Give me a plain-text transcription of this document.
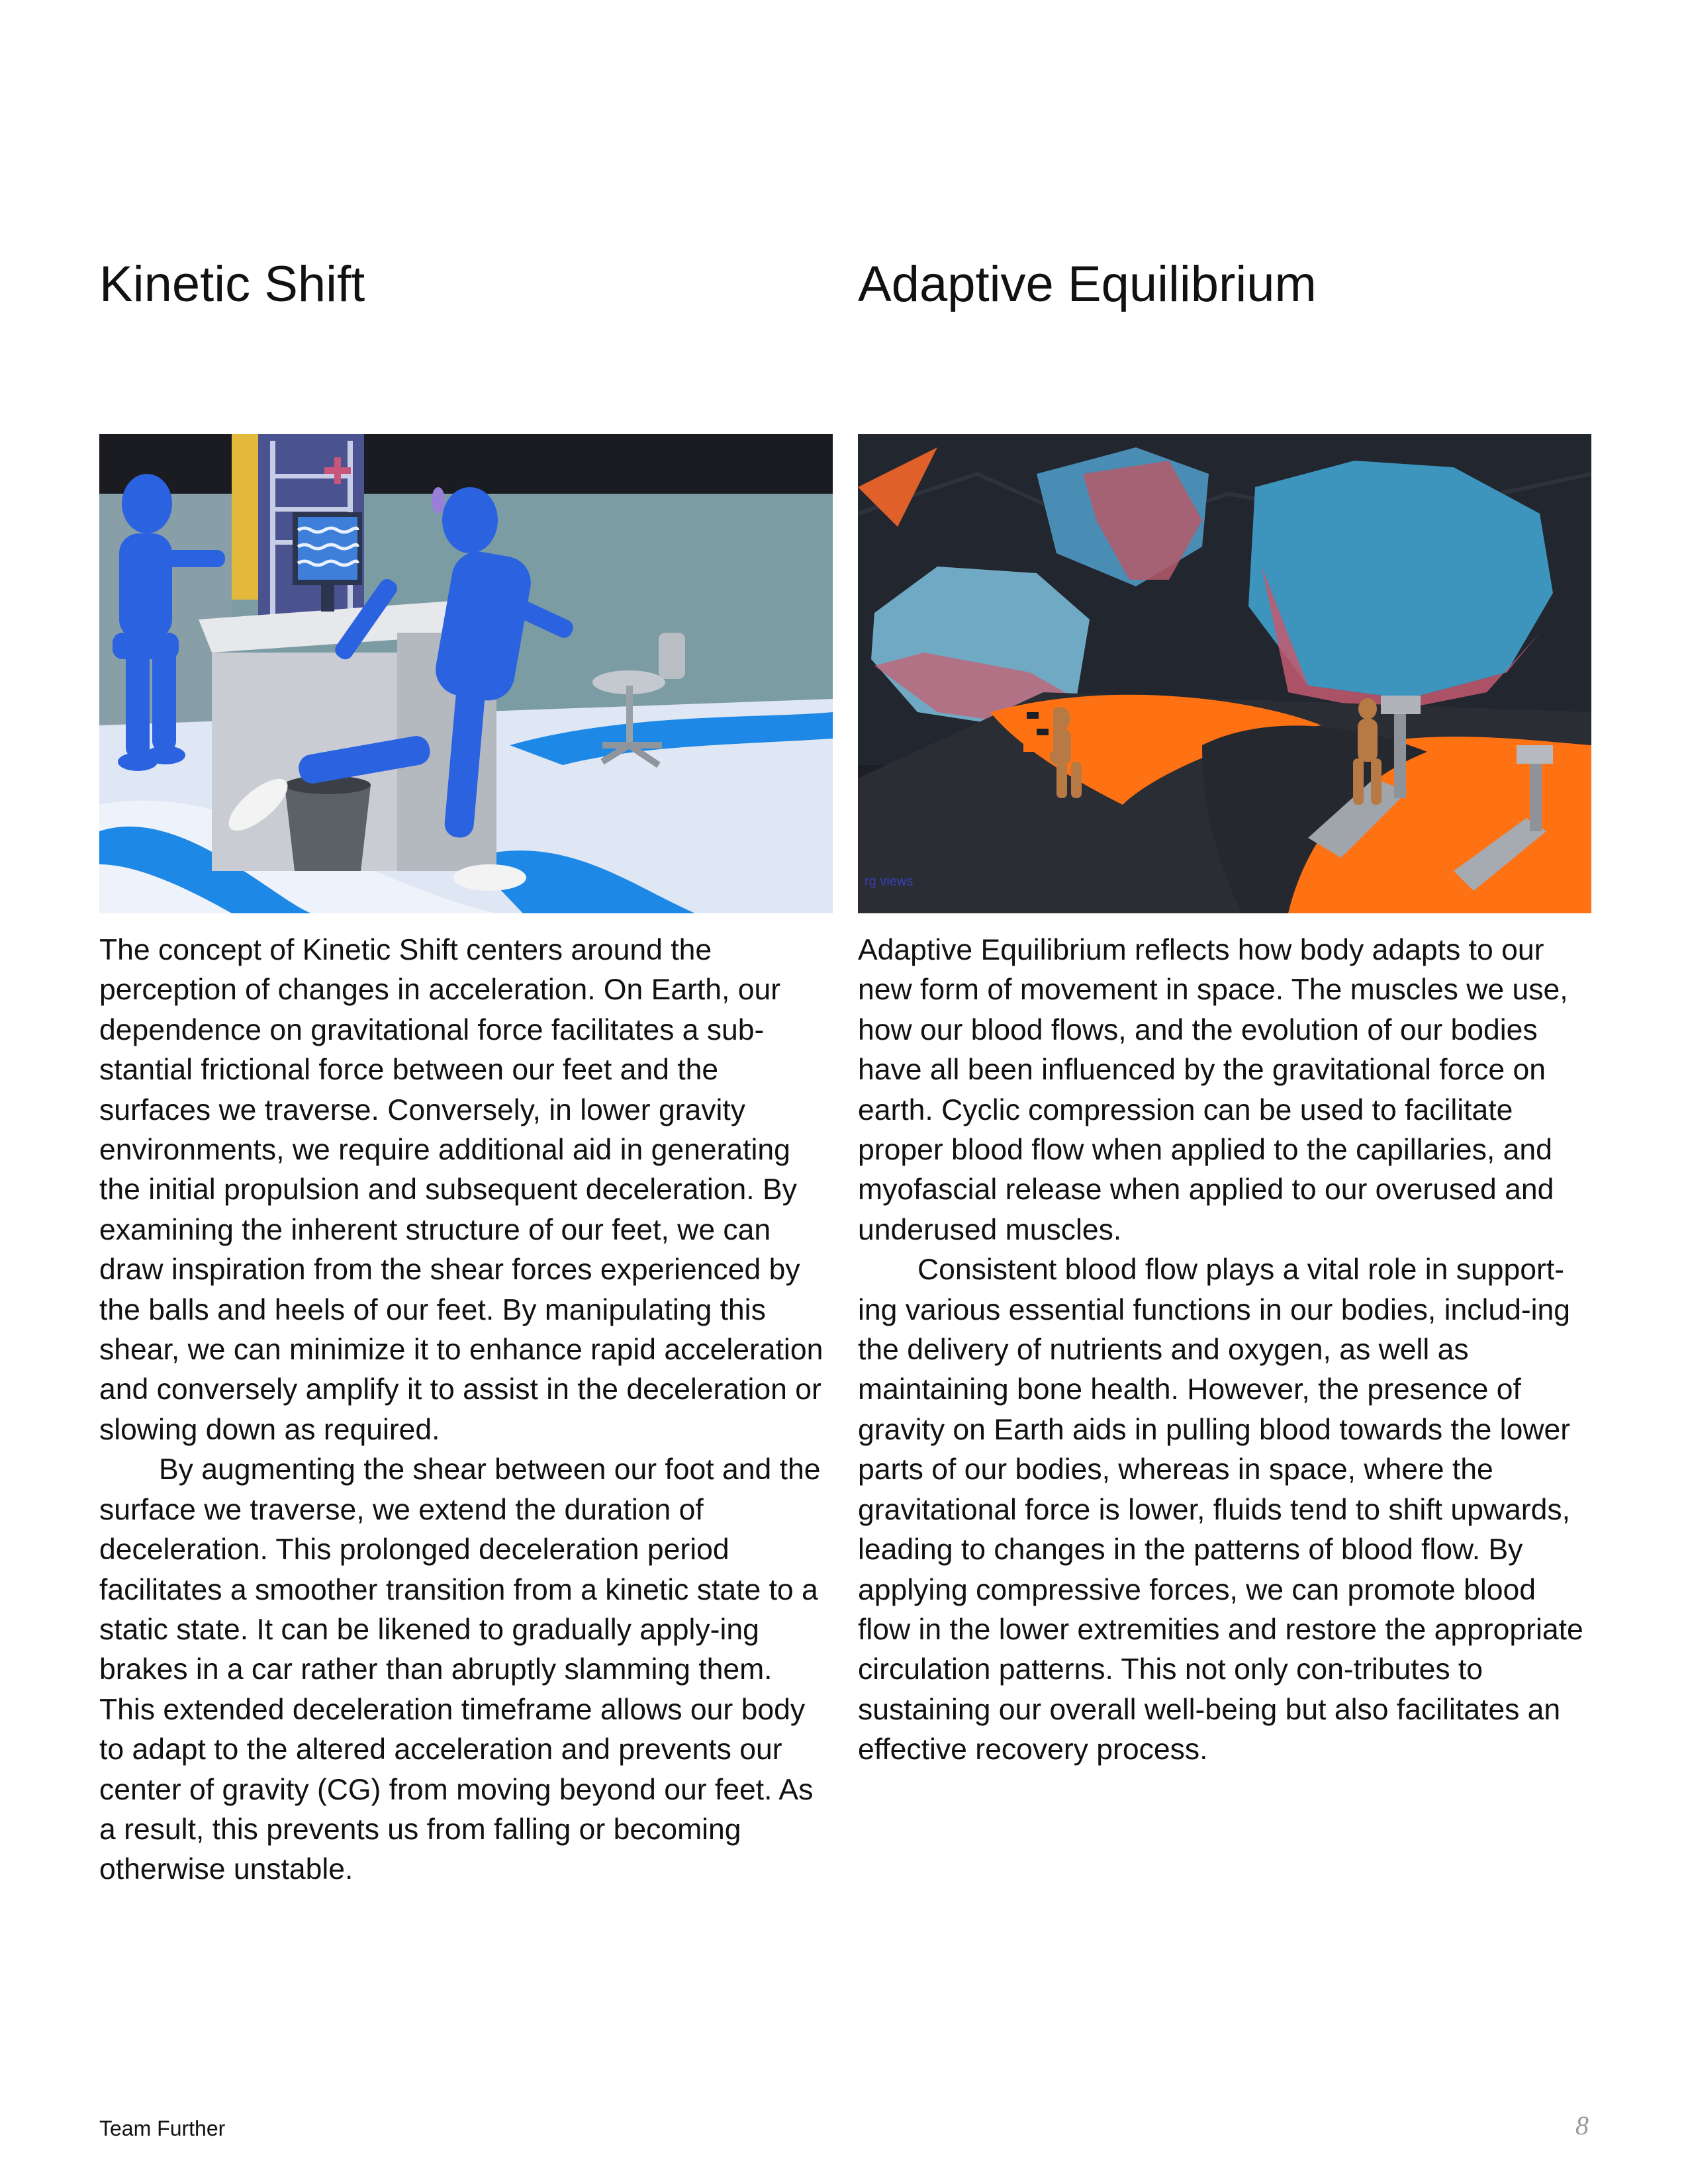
Kinetic Shift

The concept of Kinetic Shift centers around the perception of changes in acceleration. On Earth, our dependence on gravitational force facilitates a sub-stantial frictional force between our feet and the surfaces we traverse. Conversely, in lower gravity environments, we require additional aid in generating the initial propulsion and subsequent deceleration. By examining the inherent structure of our feet, we can draw inspiration from the shear forces experienced by the balls and heels of our feet. By manipulating this shear, we can minimize it to enhance rapid acceleration and conversely amplify it to assist in the deceleration or slowing down as required.

By augmenting the shear between our foot and the surface we traverse, we extend the duration of deceleration. This prolonged deceleration period facilitates a smoother transition from a kinetic state to a static state. It can be likened to gradually apply-ing brakes in a car rather than abruptly slamming them. This extended deceleration timeframe allows our body to adapt to the altered acceleration and prevents our center of gravity (CG) from moving beyond our feet. As a result, this prevents us from falling or becoming otherwise unstable.

Adaptive Equilibrium
rg views

Adaptive Equilibrium reflects how body adapts to our new form of movement in space. The muscles we use, how our blood flows, and the evolution of our bodies have all been influenced by the gravitational force on earth. Cyclic compression can be used to facilitate proper blood flow when applied to the capillaries, and myofascial release when applied to our overused and underused muscles.

Consistent blood flow plays a vital role in support-ing various essential functions in our bodies, includ-ing the delivery of nutrients and oxygen, as well as maintaining bone health. However, the presence of gravity on Earth aids in pulling blood towards the lower parts of our bodies, whereas in space, where the gravitational force is lower, fluids tend to shift upwards, leading to changes in the patterns of blood flow. By applying compressive forces, we can promote blood flow in the lower extremities and restore the appropriate circulation patterns. This not only con-tributes to sustaining our overall well-being but also facilitates an effective recovery process.

Team Further	8
